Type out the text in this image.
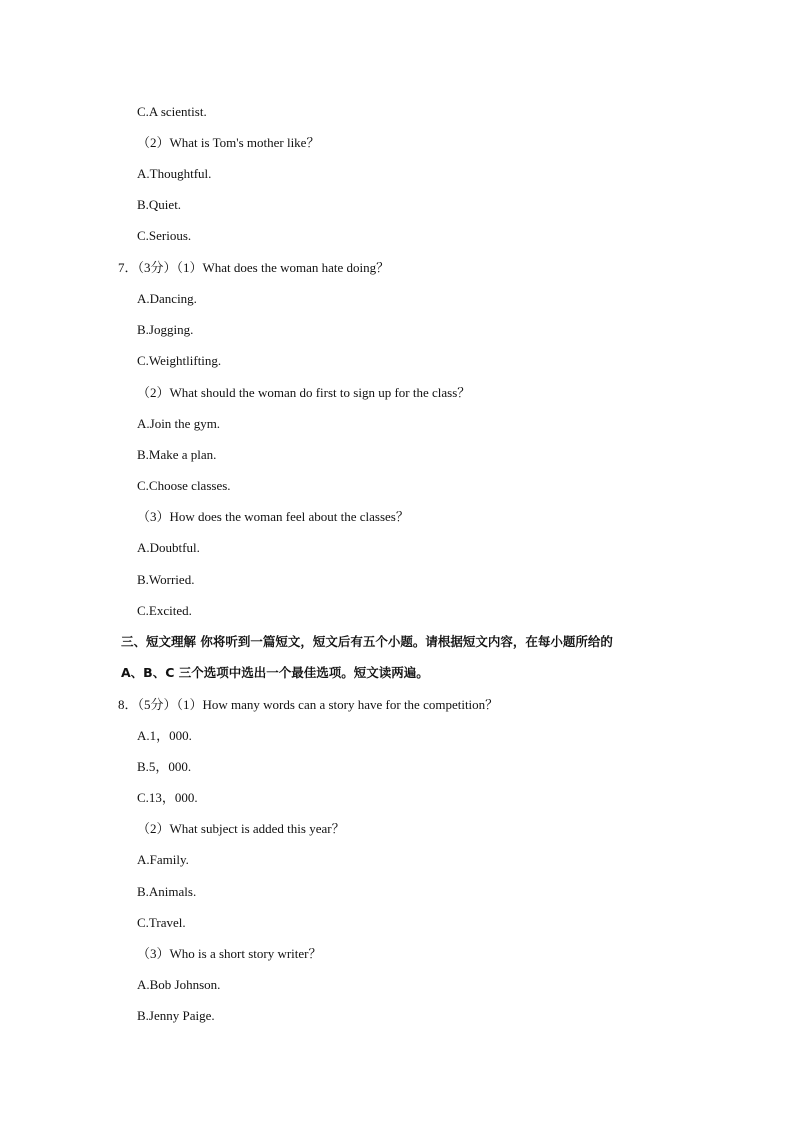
C.A scientist.
（2）What is Tom's mother like？
A.Thoughtful.
B.Quiet.
C.Serious.
7．（3分）（1）What does the woman hate doing？
A.Dancing.
B.Jogging.
C.Weightlifting.
（2）What should the woman do first to sign up for the class？
A.Join the gym.
B.Make a plan.
C.Choose classes.
（3）How does the woman feel about the classes？
A.Doubtful.
B.Worried.
C.Excited.
三、短文理解 你将听到一篇短文，短文后有五个小题。请根据短文内容，在每小题所给的
A、B、C 三个选项中选出一个最佳选项。短文读两遍。
8．（5分）（1）How many words can a story have for the competition？
A.1，000.
B.5，000.
C.13，000.
（2）What subject is added this year？
A.Family.
B.Animals.
C.Travel.
（3）Who is a short story writer？
A.Bob Johnson.
B.Jenny Paige.
